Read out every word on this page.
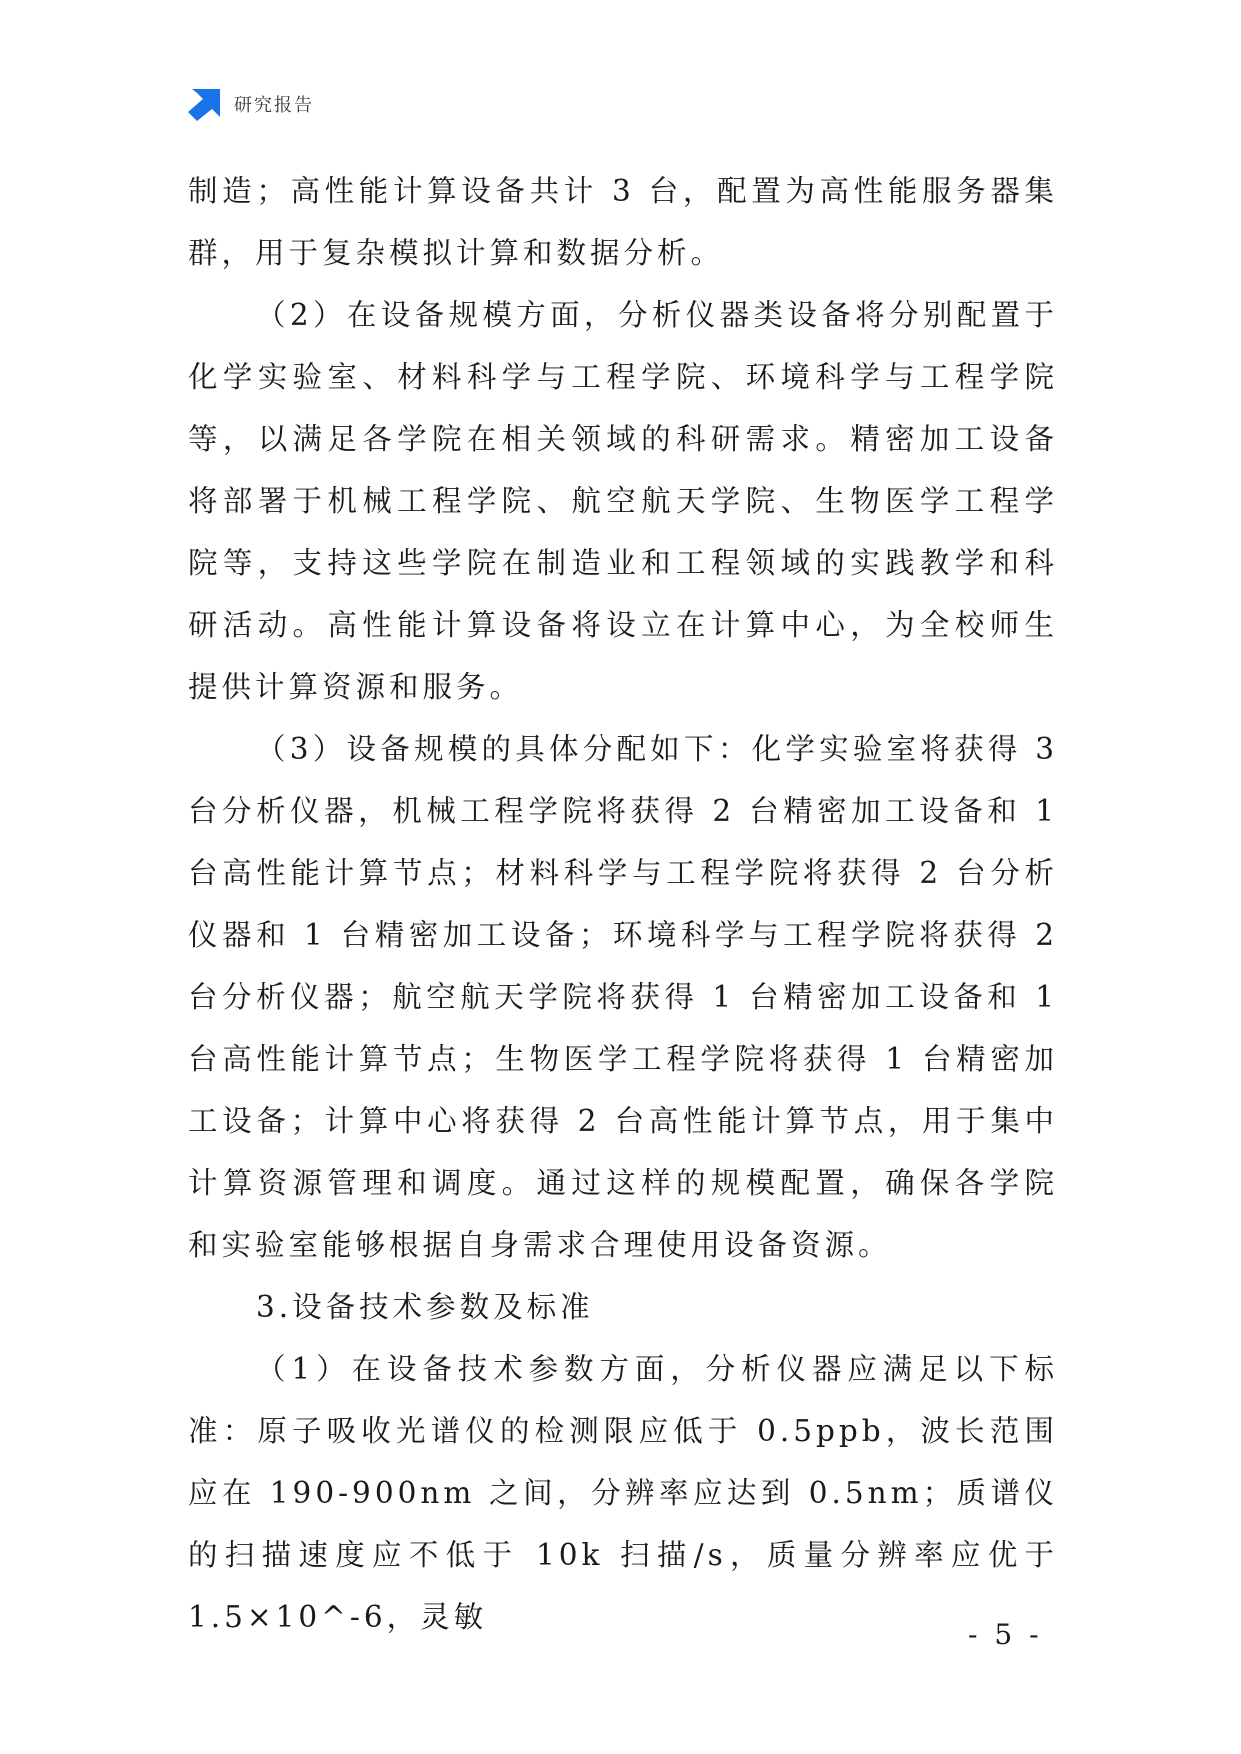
研究报告

制造；高性能计算设备共计 3 台，配置为高性能服务器集群，用于复杂模拟计算和数据分析。

（2）在设备规模方面，分析仪器类设备将分别配置于化学实验室、材料科学与工程学院、环境科学与工程学院等，以满足各学院在相关领域的科研需求。精密加工设备将部署于机械工程学院、航空航天学院、生物医学工程学院等，支持这些学院在制造业和工程领域的实践教学和科研活动。高性能计算设备将设立在计算中心，为全校师生提供计算资源和服务。

（3）设备规模的具体分配如下：化学实验室将获得 3 台分析仪器，机械工程学院将获得 2 台精密加工设备和 1 台高性能计算节点；材料科学与工程学院将获得 2 台分析仪器和 1 台精密加工设备；环境科学与工程学院将获得 2 台分析仪器；航空航天学院将获得 1 台精密加工设备和 1 台高性能计算节点；生物医学工程学院将获得 1 台精密加工设备；计算中心将获得 2 台高性能计算节点，用于集中计算资源管理和调度。通过这样的规模配置，确保各学院和实验室能够根据自身需求合理使用设备资源。

3.设备技术参数及标准

（1）在设备技术参数方面，分析仪器应满足以下标准：原子吸收光谱仪的检测限应低于 0.5ppb，波长范围应在 190-900nm 之间，分辨率应达到 0.5nm；质谱仪的扫描速度应不低于 10k 扫描/s，质量分辨率应优于 1.5×10^-6，灵敏

- 5 -
